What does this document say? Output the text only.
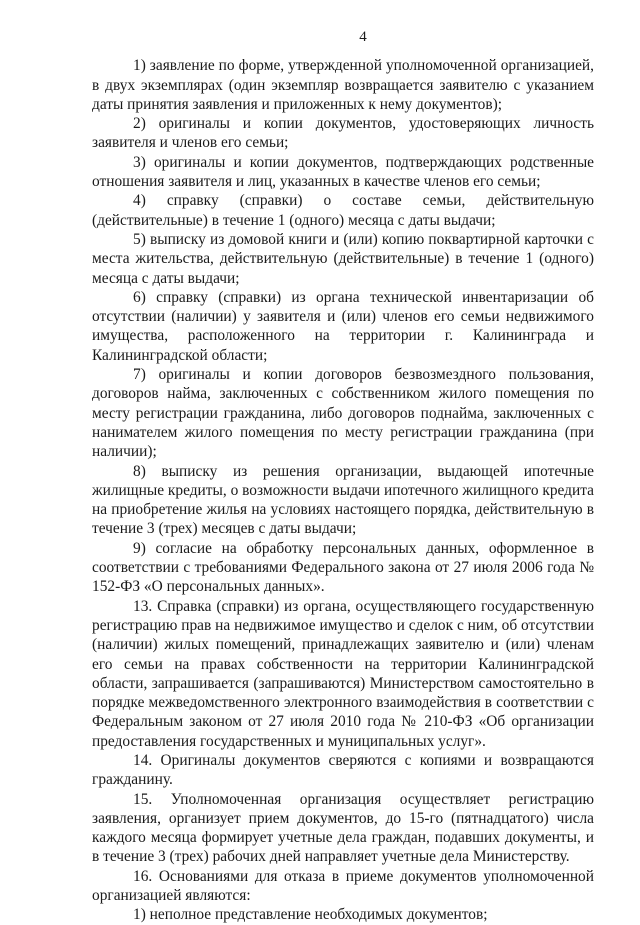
4

1) заявление по форме, утвержденной уполномоченной организацией, в двух экземплярах (один экземпляр возвращается заявителю с указанием даты принятия заявления и приложенных к нему документов);

2) оригиналы и копии документов, удостоверяющих личность заявителя и членов его семьи;

3) оригиналы и копии документов, подтверждающих родственные отношения заявителя и лиц, указанных в качестве членов его семьи;

4) справку (справки) о составе семьи, действительную (действительные) в течение 1 (одного) месяца с даты выдачи;

5) выписку из домовой книги и (или) копию поквартирной карточки с места жительства, действительную (действительные) в течение 1 (одного) месяца с даты выдачи;

6) справку (справки) из органа технической инвентаризации об отсутствии (наличии) у заявителя и (или) членов его семьи недвижимого имущества, расположенного на территории г. Калининграда и Калининградской области;

7) оригиналы и копии договоров безвозмездного пользования, договоров найма, заключенных с собственником жилого помещения по месту регистрации гражданина, либо договоров поднайма, заключенных с нанимателем жилого помещения по месту регистрации гражданина (при наличии);

8) выписку из решения организации, выдающей ипотечные жилищные кредиты, о возможности выдачи ипотечного жилищного кредита на приобретение жилья на условиях настоящего порядка, действительную в течение 3 (трех) месяцев с даты выдачи;

9) согласие на обработку персональных данных, оформленное в соответствии с требованиями Федерального закона от 27 июля 2006 года № 152-ФЗ «О персональных данных».

13. Справка (справки) из органа, осуществляющего государственную регистрацию прав на недвижимое имущество и сделок с ним, об отсутствии (наличии) жилых помещений, принадлежащих заявителю и (или) членам его семьи на правах собственности на территории Калининградской области, запрашивается (запрашиваются) Министерством самостоятельно в порядке межведомственного электронного взаимодействия в соответствии с Федеральным законом от 27 июля 2010 года № 210-ФЗ «Об организации предоставления государственных и муниципальных услуг».

14. Оригиналы документов сверяются с копиями и возвращаются гражданину.

15. Уполномоченная организация осуществляет регистрацию заявления, организует прием документов, до 15-го (пятнадцатого) числа каждого месяца формирует учетные дела граждан, подавших документы, и в течение 3 (трех) рабочих дней направляет учетные дела Министерству.

16. Основаниями для отказа в приеме документов уполномоченной организацией являются:

1) неполное представление необходимых документов;
